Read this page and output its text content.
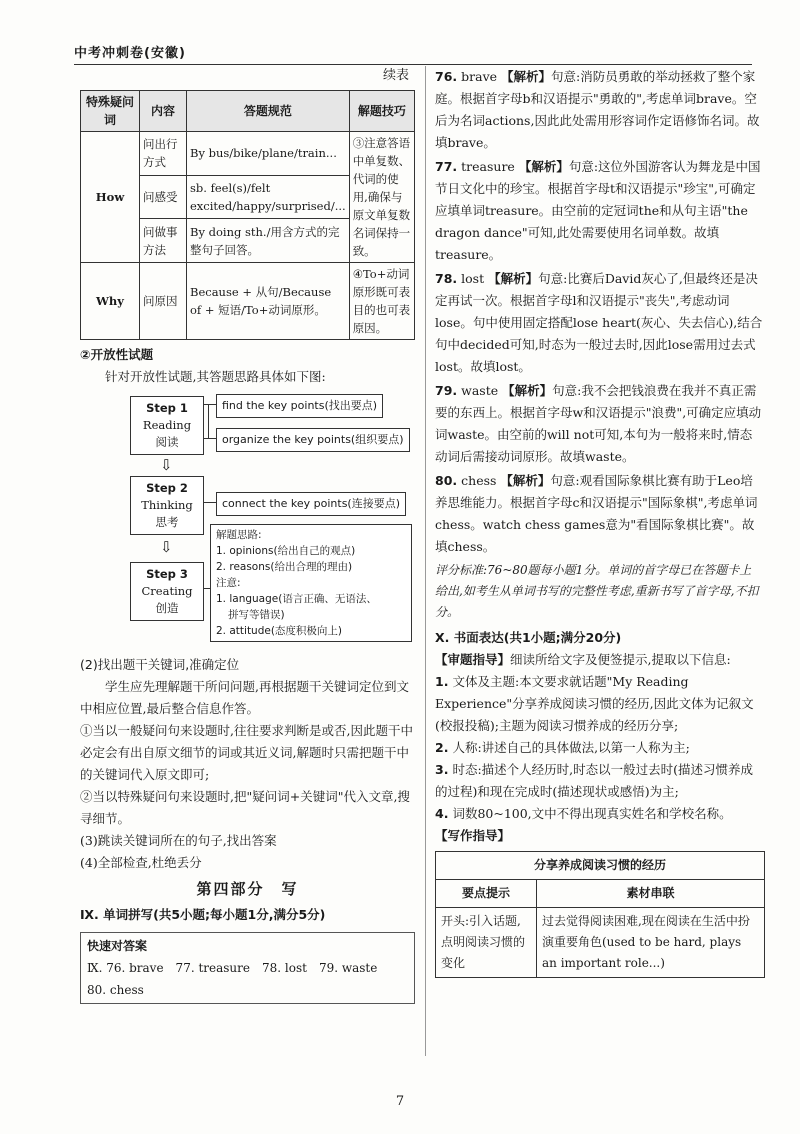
中考冲刺卷(安徽)
续表
特殊疑问词	内容	答题规范	解题技巧
How	问出行方式	By bus/bike/plane/train...	③注意答语中单复数、代词的使用,确保与原文单复数名词保持一致。
	问感受	sb. feel(s)/felt excited/happy/surprised/...	
	问做事方法	By doing sth./用含方式的完整句子回答。	
Why	问原因	Because + 从句/Because of + 短语/To+动词原形。	④To+动词原形既可表目的也可表原因。
②开放性试题
针对开放性试题,其答题思路具体如下图:
Step 1
Reading
阅读
find the key points(找出要点)
organize the key points(组织要点)
⇩
Step 2
Thinking
思考
connect the key points(连接要点)
⇩
Step 3
Creating
创造
解题思路:
1. opinions(给出自己的观点)
2. reasons(给出合理的理由)
注意:
1. language(语言正确、无语法、
拼写等错误)
2. attitude(态度积极向上)
(2)找出题干关键词,准确定位
学生应先理解题干所问问题,再根据题干关键词定位到文中相应位置,最后整合信息作答。
①当以一般疑问句来设题时,往往要求判断是或否,因此题干中必定会有出自原文细节的词或其近义词,解题时只需把题干中的关键词代入原文即可;
②当以特殊疑问句来设题时,把"疑问词+关键词"代入文章,搜寻细节。
(3)跳读关键词所在的句子,找出答案
(4)全部检查,杜绝丢分
第四部分　写
Ⅸ. 单词拼写(共5小题;每小题1分,满分5分)
快速对答案
Ⅸ. 76. brave　77. treasure　78. lost　79. waste
80. chess
76. brave 【解析】句意:消防员勇敢的举动拯救了整个家庭。根据首字母b和汉语提示"勇敢的",考虑单词brave。空后为名词actions,因此此处需用形容词作定语修饰名词。故填brave。
77. treasure 【解析】句意:这位外国游客认为舞龙是中国节日文化中的珍宝。根据首字母t和汉语提示"珍宝",可确定应填单词treasure。由空前的定冠词the和从句主语"the dragon dance"可知,此处需要使用名词单数。故填treasure。
78. lost 【解析】句意:比赛后David灰心了,但最终还是决定再试一次。根据首字母l和汉语提示"丧失",考虑动词lose。句中使用固定搭配lose heart(灰心、失去信心),结合句中decided可知,时态为一般过去时,因此lose需用过去式lost。故填lost。
79. waste 【解析】句意:我不会把钱浪费在我并不真正需要的东西上。根据首字母w和汉语提示"浪费",可确定应填动词waste。由空前的will not可知,本句为一般将来时,情态动词后需接动词原形。故填waste。
80. chess 【解析】句意:观看国际象棋比赛有助于Leo培养思维能力。根据首字母c和汉语提示"国际象棋",考虑单词chess。watch chess games意为"看国际象棋比赛"。故填chess。
评分标准:76~80题每小题1分。单词的首字母已在答题卡上给出,如考生从单词书写的完整性考虑,重新书写了首字母,不扣分。
Ⅹ. 书面表达(共1小题;满分20分)
【审题指导】细读所给文字及便签提示,提取以下信息:
1. 文体及主题:本文要求就话题"My Reading Experience"分享养成阅读习惯的经历,因此文体为记叙文(校报投稿);主题为阅读习惯养成的经历分享;
2. 人称:讲述自己的具体做法,以第一人称为主;
3. 时态:描述个人经历时,时态以一般过去时(描述习惯养成的过程)和现在完成时(描述现状或感悟)为主;
4. 词数80~100,文中不得出现真实姓名和学校名称。
【写作指导】
分享养成阅读习惯的经历	
要点提示	素材串联
开头:引入话题,点明阅读习惯的变化	过去觉得阅读困难,现在阅读在生活中扮演重要角色(used to be hard, plays an important role...)
7
